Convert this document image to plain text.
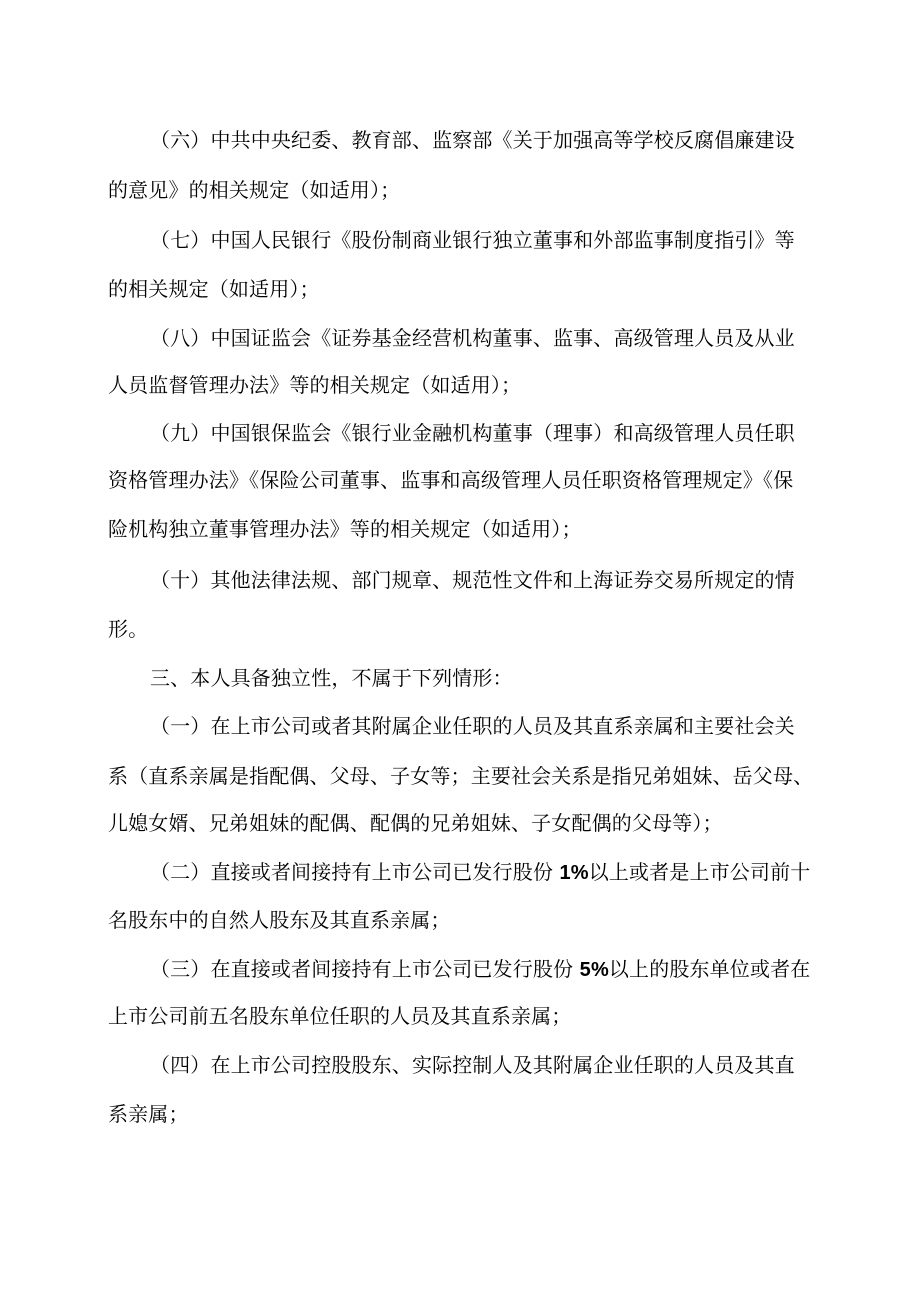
（六）中共中央纪委、教育部、监察部《关于加强高等学校反腐倡廉建设
的意见》的相关规定（如适用）；
（七）中国人民银行《股份制商业银行独立董事和外部监事制度指引》等
的相关规定（如适用）；
（八）中国证监会《证券基金经营机构董事、监事、高级管理人员及从业
人员监督管理办法》等的相关规定（如适用）；
（九）中国银保监会《银行业金融机构董事（理事）和高级管理人员任职
资格管理办法》《保险公司董事、监事和高级管理人员任职资格管理规定》《保
险机构独立董事管理办法》等的相关规定（如适用）；
（十）其他法律法规、部门规章、规范性文件和上海证券交易所规定的情
形。
三、本人具备独立性，不属于下列情形：
（一）在上市公司或者其附属企业任职的人员及其直系亲属和主要社会关
系（直系亲属是指配偶、父母、子女等；主要社会关系是指兄弟姐妹、岳父母、
儿媳女婿、兄弟姐妹的配偶、配偶的兄弟姐妹、子女配偶的父母等）；
（二）直接或者间接持有上市公司已发行股份 1%以上或者是上市公司前十
名股东中的自然人股东及其直系亲属；
（三）在直接或者间接持有上市公司已发行股份 5%以上的股东单位或者在
上市公司前五名股东单位任职的人员及其直系亲属；
（四）在上市公司控股股东、实际控制人及其附属企业任职的人员及其直
系亲属；
